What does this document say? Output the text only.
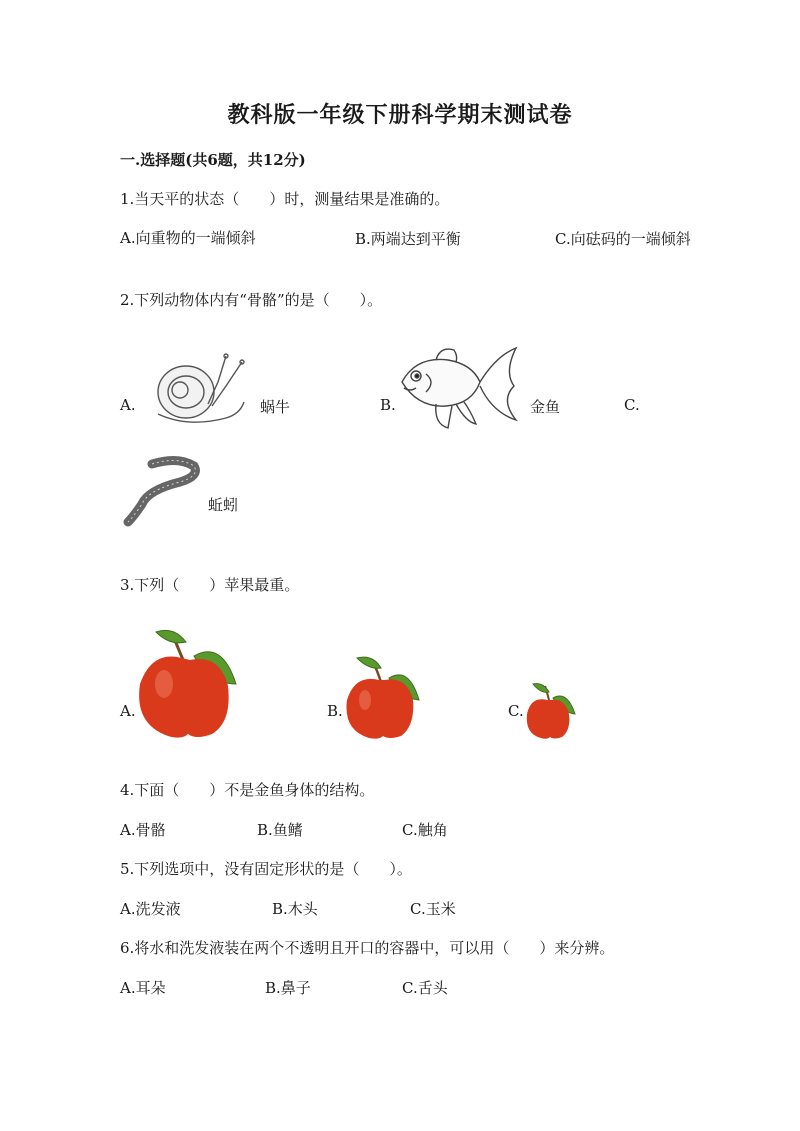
教科版一年级下册科学期末测试卷
一.选择题(共6题，共12分)
1.当天平的状态（　　）时，测量结果是准确的。
A.向重物的一端倾斜	B.两端达到平衡	C.向砝码的一端倾斜
2.下列动物体内有“骨骼”的是（　　）。
A.	蜗牛	B.	金鱼	C.
蚯蚓
3.下列（　　）苹果最重。
A.	B.	C.
4.下面（　　）不是金鱼身体的结构。
A.骨骼	B.鱼鳍	C.触角
5.下列选项中，没有固定形状的是（　　）。
A.洗发液	B.木头	C.玉米
6.将水和洗发液装在两个不透明且开口的容器中，可以用（　　）来分辨。
A.耳朵	B.鼻子	C.舌头
